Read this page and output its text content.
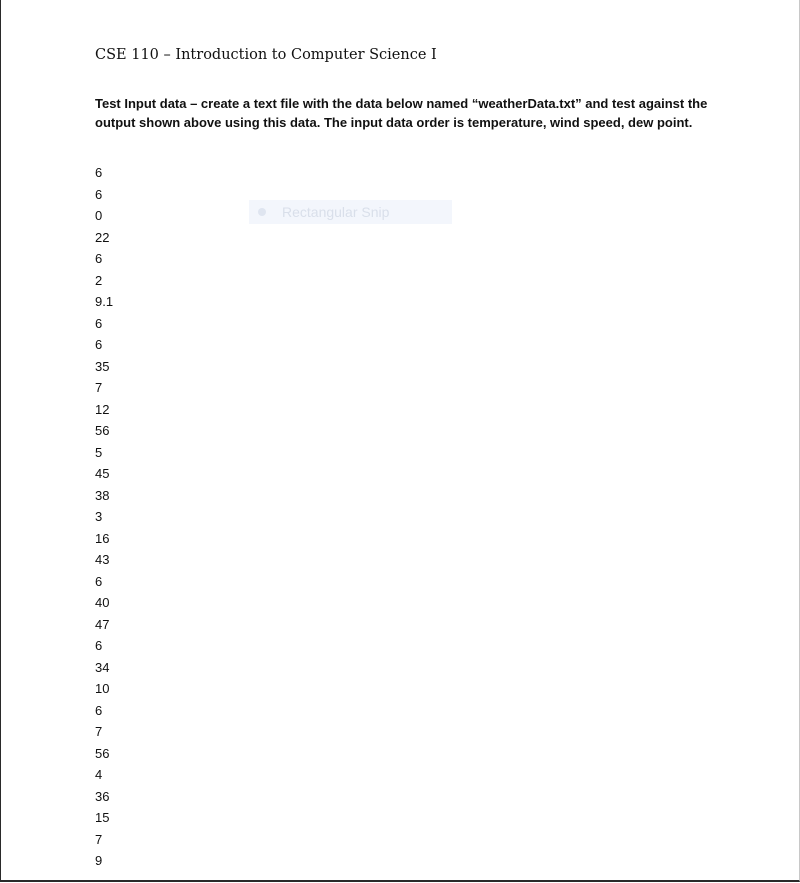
CSE 110 – Introduction to Computer Science I
Test Input data – create a text file with the data below named “weatherData.txt” and test against the output shown above using this data. The input data order is temperature, wind speed, dew point.
6
6
0
22
6
2
9.1
6
6
35
7
12
56
5
45
38
3
16
43
6
40
47
6
34
10
6
7
56
4
36
15
7
9
Rectangular Snip
